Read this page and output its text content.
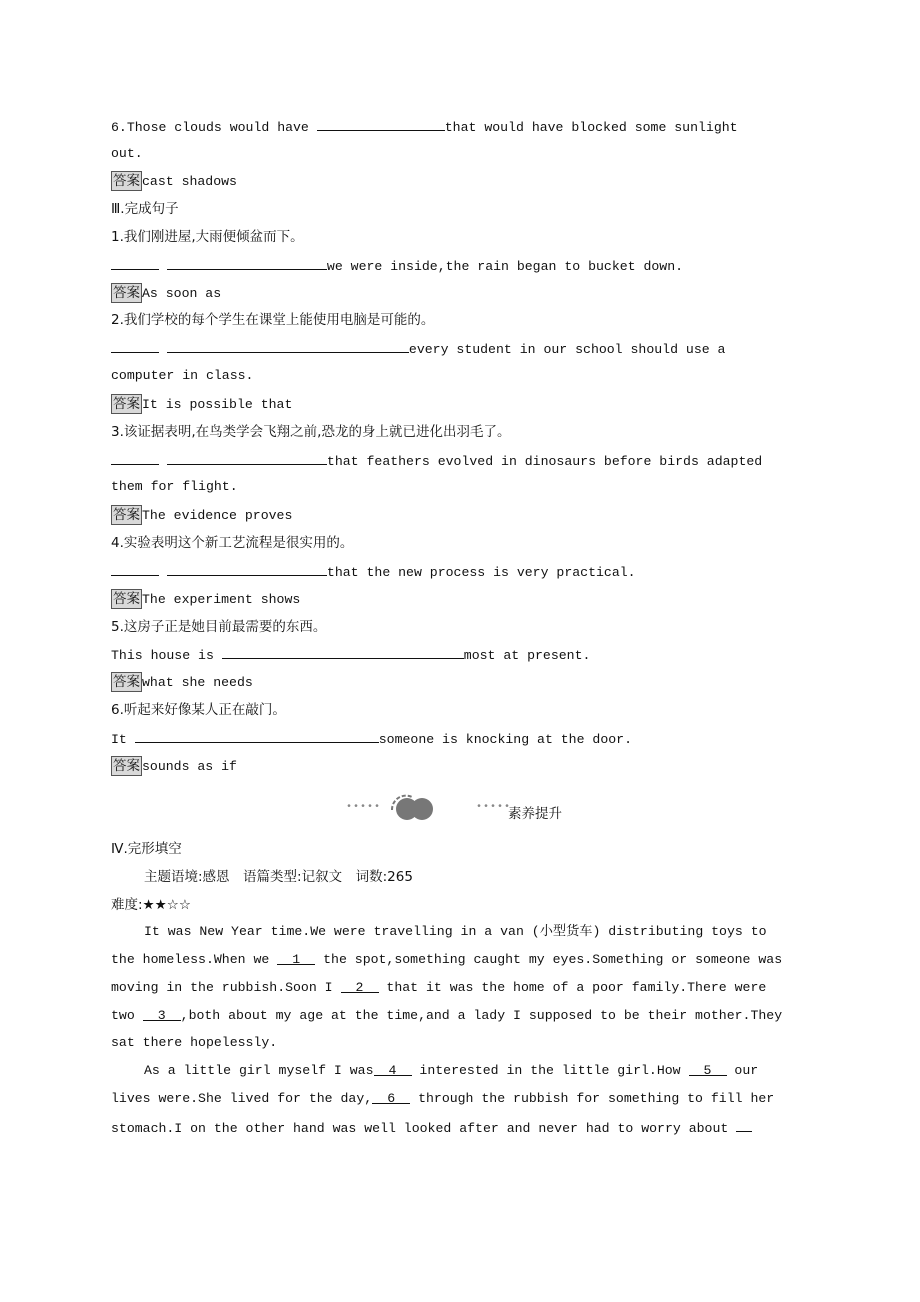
6.Those clouds would have	that would have blocked some sunlight
out.
答案 cast shadows
Ⅲ.完成句子
1.我们刚进屋,大雨便倾盆而下。
we were inside,the rain began to bucket down.
答案 As soon as
2.我们学校的每个学生在课堂上能使用电脑是可能的。
every student in our school should use a
computer in class.
答案 It is possible that
3.该证据表明,在鸟类学会飞翔之前,恐龙的身上就已进化出羽毛了。
that feathers evolved in dinosaurs before birds adapted
them for flight.
答案 The evidence proves
4.实验表明这个新工艺流程是很实用的。
that the new process is very practical.
答案 The experiment shows
5.这房子正是她目前最需要的东西。
This house is	most at present.
答案 what she needs
6.听起来好像某人正在敲门。
It	someone is knocking at the door.
答案 sounds as if
•••••	•••••
素养提升
Ⅳ.完形填空
主题语境:感恩　语篇类型:记叙文　词数:265
难度:★★☆☆
It was New Year time.We were travelling in a van (小型货车) distributing toys to
the homeless.When we 1 the spot,something caught my eyes.Something or someone was
moving in the rubbish.Soon I 2 that it was the home of a poor family.There were
two 3 ,both about my age at the time,and a lady I supposed to be their mother.They
sat there hopelessly.
As a little girl myself I was 4 interested in the little girl.How 5 our
lives were.She lived for the day, 6 through the rubbish for something to fill her
stomach.I on the other hand was well looked after and never had to worry about
